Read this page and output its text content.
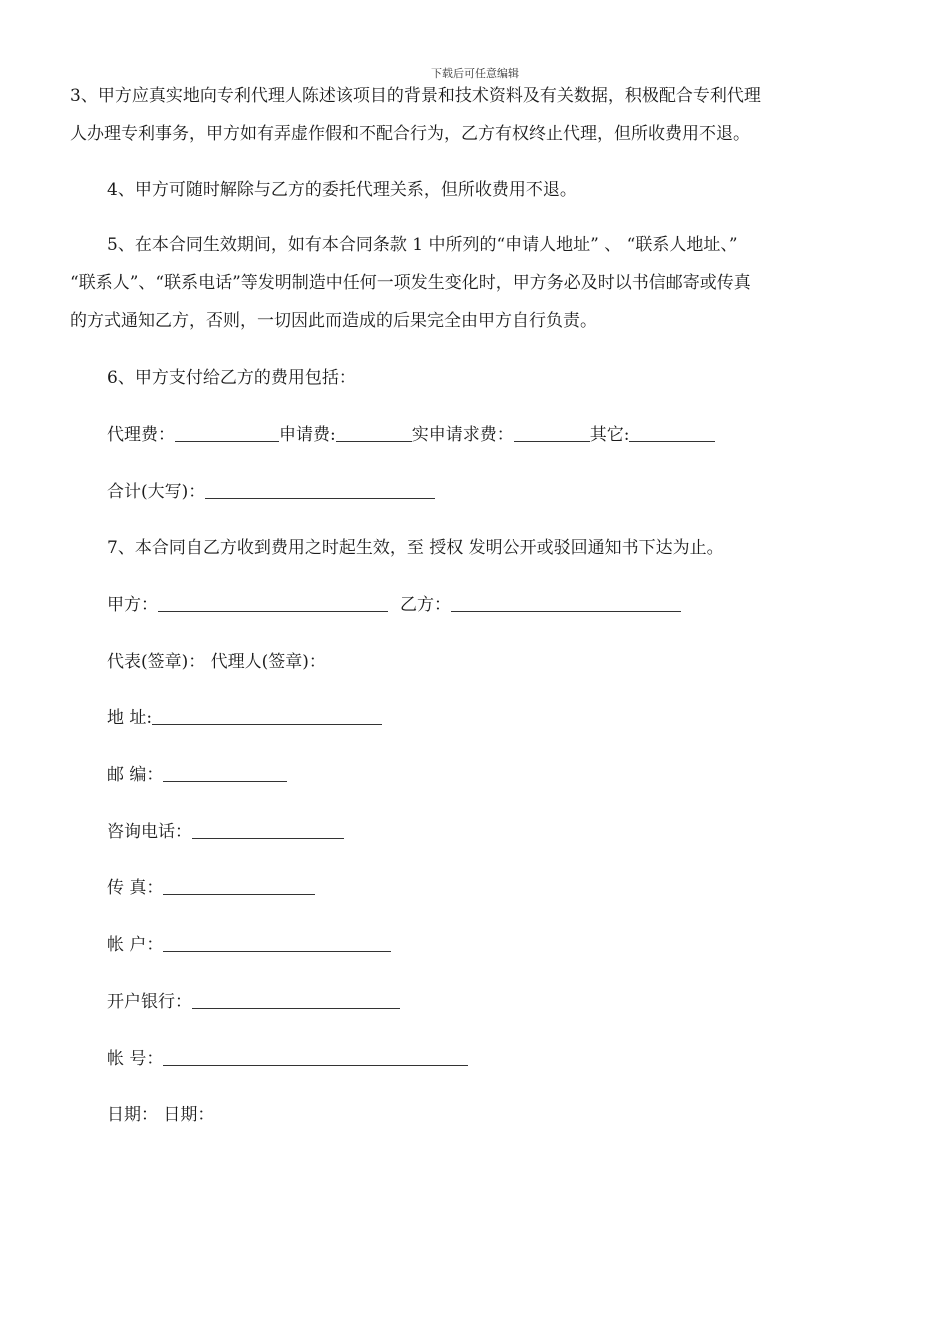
下载后可任意编辑
3、甲方应真实地向专利代理人陈述该项目的背景和技术资料及有关数据，积极配合专利代理
人办理专利事务，甲方如有弄虚作假和不配合行为，乙方有权终止代理，但所收费用不退。
4、甲方可随时解除与乙方的委托代理关系，但所收费用不退。
5、在本合同生效期间，如有本合同条款 1 中所列的“申请人地址” 、 “联系人地址、”
“联系人”、“联系电话”等发明制造中任何一项发生变化时，甲方务必及时以书信邮寄或传真
的方式通知乙方，否则，一切因此而造成的后果完全由甲方自行负责。
6、甲方支付给乙方的费用包括：
代理费：	申请费:	实申请求费：	其它:
合计(大写)：
7、本合同自乙方收到费用之时起生效，至 授权 发明公开或驳回通知书下达为止。
甲方：	乙方：
代表(签章)： 代理人(签章)：
地 址:
邮 编：
咨询电话：
传 真：
帐 户：
开户银行：
帐 号：
日期： 日期：
